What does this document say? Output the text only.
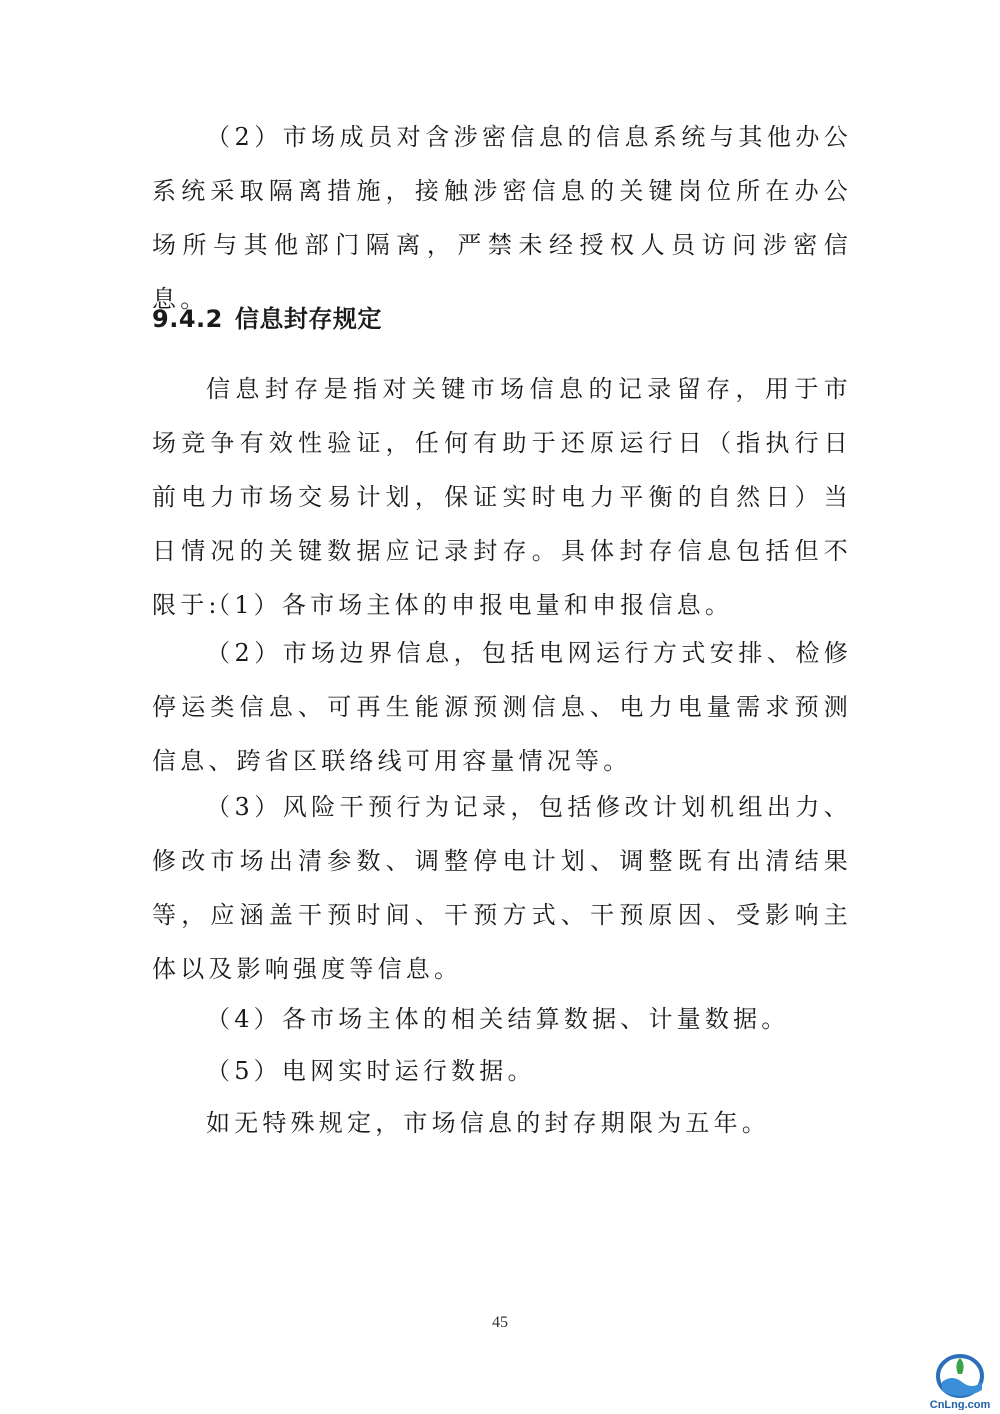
（2）市场成员对含涉密信息的信息系统与其他办公系统采取隔离措施，接触涉密信息的关键岗位所在办公场所与其他部门隔离，严禁未经授权人员访问涉密信息。

9.4.2 信息封存规定

信息封存是指对关键市场信息的记录留存，用于市场竞争有效性验证，任何有助于还原运行日（指执行日前电力市场交易计划，保证实时电力平衡的自然日）当日情况的关键数据应记录封存。具体封存信息包括但不限于:

（1）各市场主体的申报电量和申报信息。

（2）市场边界信息，包括电网运行方式安排、检修停运类信息、可再生能源预测信息、电力电量需求预测信息、跨省区联络线可用容量情况等。

（3）风险干预行为记录，包括修改计划机组出力、修改市场出清参数、调整停电计划、调整既有出清结果等，应涵盖干预时间、干预方式、干预原因、受影响主体以及影响强度等信息。

（4）各市场主体的相关结算数据、计量数据。

（5）电网实时运行数据。

如无特殊规定，市场信息的封存期限为五年。

45
CnLng.com
